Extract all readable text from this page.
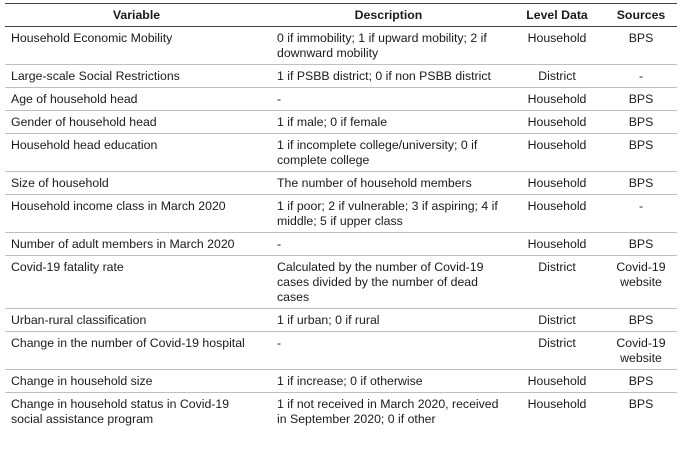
Variable	Description	Level Data	Sources
Household Economic Mobility	0 if immobility; 1 if upward mobility; 2 if downward mobility	Household	BPS
Large-scale Social Restrictions	1 if PSBB district; 0 if non PSBB district	District	-
Age of household head	-	Household	BPS
Gender of household head	1 if male; 0 if female	Household	BPS
Household head education	1 if incomplete college/university; 0 if complete college	Household	BPS
Size of household	The number of household members	Household	BPS
Household income class in March 2020	1 if poor; 2 if vulnerable; 3 if aspiring; 4 if middle; 5 if upper class	Household	-
Number of adult members in March 2020	-	Household	BPS
Covid-19 fatality rate	Calculated by the number of Covid-19 cases divided by the number of dead cases	District	Covid-19 website
Urban-rural classification	1 if urban; 0 if rural	District	BPS
Change in the number of Covid-19 hospital	-	District	Covid-19 website
Change in household size	1 if increase; 0 if otherwise	Household	BPS
Change in household status in Covid-19 social assistance program	1 if not received in March 2020, received in September 2020; 0 if other	Household	BPS
